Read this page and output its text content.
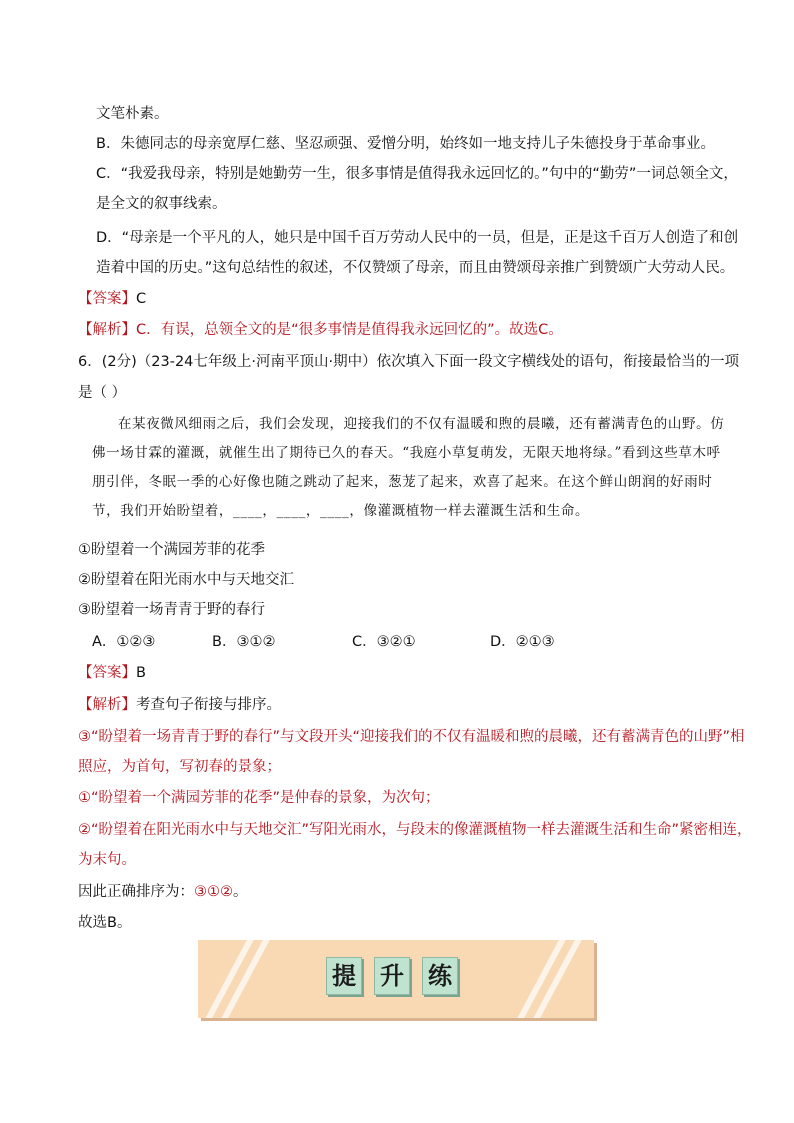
文笔朴素。
B．朱德同志的母亲宽厚仁慈、坚忍顽强、爱憎分明，始终如一地支持儿子朱德投身于革命事业。
C．“我爱我母亲，特别是她勤劳一生，很多事情是值得我永远回忆的。”句中的“勤劳”一词总领全文，
是全文的叙事线索。
D．“母亲是一个平凡的人，她只是中国千百万劳动人民中的一员，但是，正是这千百万人创造了和创
造着中国的历史。”这句总结性的叙述，不仅赞颂了母亲，而且由赞颂母亲推广到赞颂广大劳动人民。
【答案】C
【解析】C．有误，总领全文的是“很多事情是值得我永远回忆的”。故选C。
6．(2分)（23-24七年级上·河南平顶山·期中）依次填入下面一段文字横线处的语句，衔接最恰当的一项
是（ ）
在某夜微风细雨之后，我们会发现，迎接我们的不仅有温暖和煦的晨曦，还有蓄满青色的山野。仿佛一场甘霖的灌溉，就催生出了期待已久的春天。“我庭小草复萌发，无限天地将绿。”看到这些草木呼朋引伴，冬眠一季的心好像也随之跳动了起来，葱茏了起来，欢喜了起来。在这个鲜山朗润的好雨时节，我们开始盼望着，____，____，____，像灌溉植物一样去灌溉生活和生命。
①盼望着一个满园芳菲的花季
②盼望着在阳光雨水中与天地交汇
③盼望着一场青青于野的春行
A．①②③	B．③①②	C．③②①	D．②①③
【答案】B
【解析】考查句子衔接与排序。
③“盼望着一场青青于野的春行”与文段开头“迎接我们的不仅有温暖和煦的晨曦，还有蓄满青色的山野”相
照应，为首句，写初春的景象；
①“盼望着一个满园芳菲的花季”是仲春的景象，为次句；
②“盼望着在阳光雨水中与天地交汇”写阳光雨水，与段末的像灌溉植物一样去灌溉生活和生命”紧密相连，
为末句。
因此正确排序为：③①②。
故选B。
提 升 练
